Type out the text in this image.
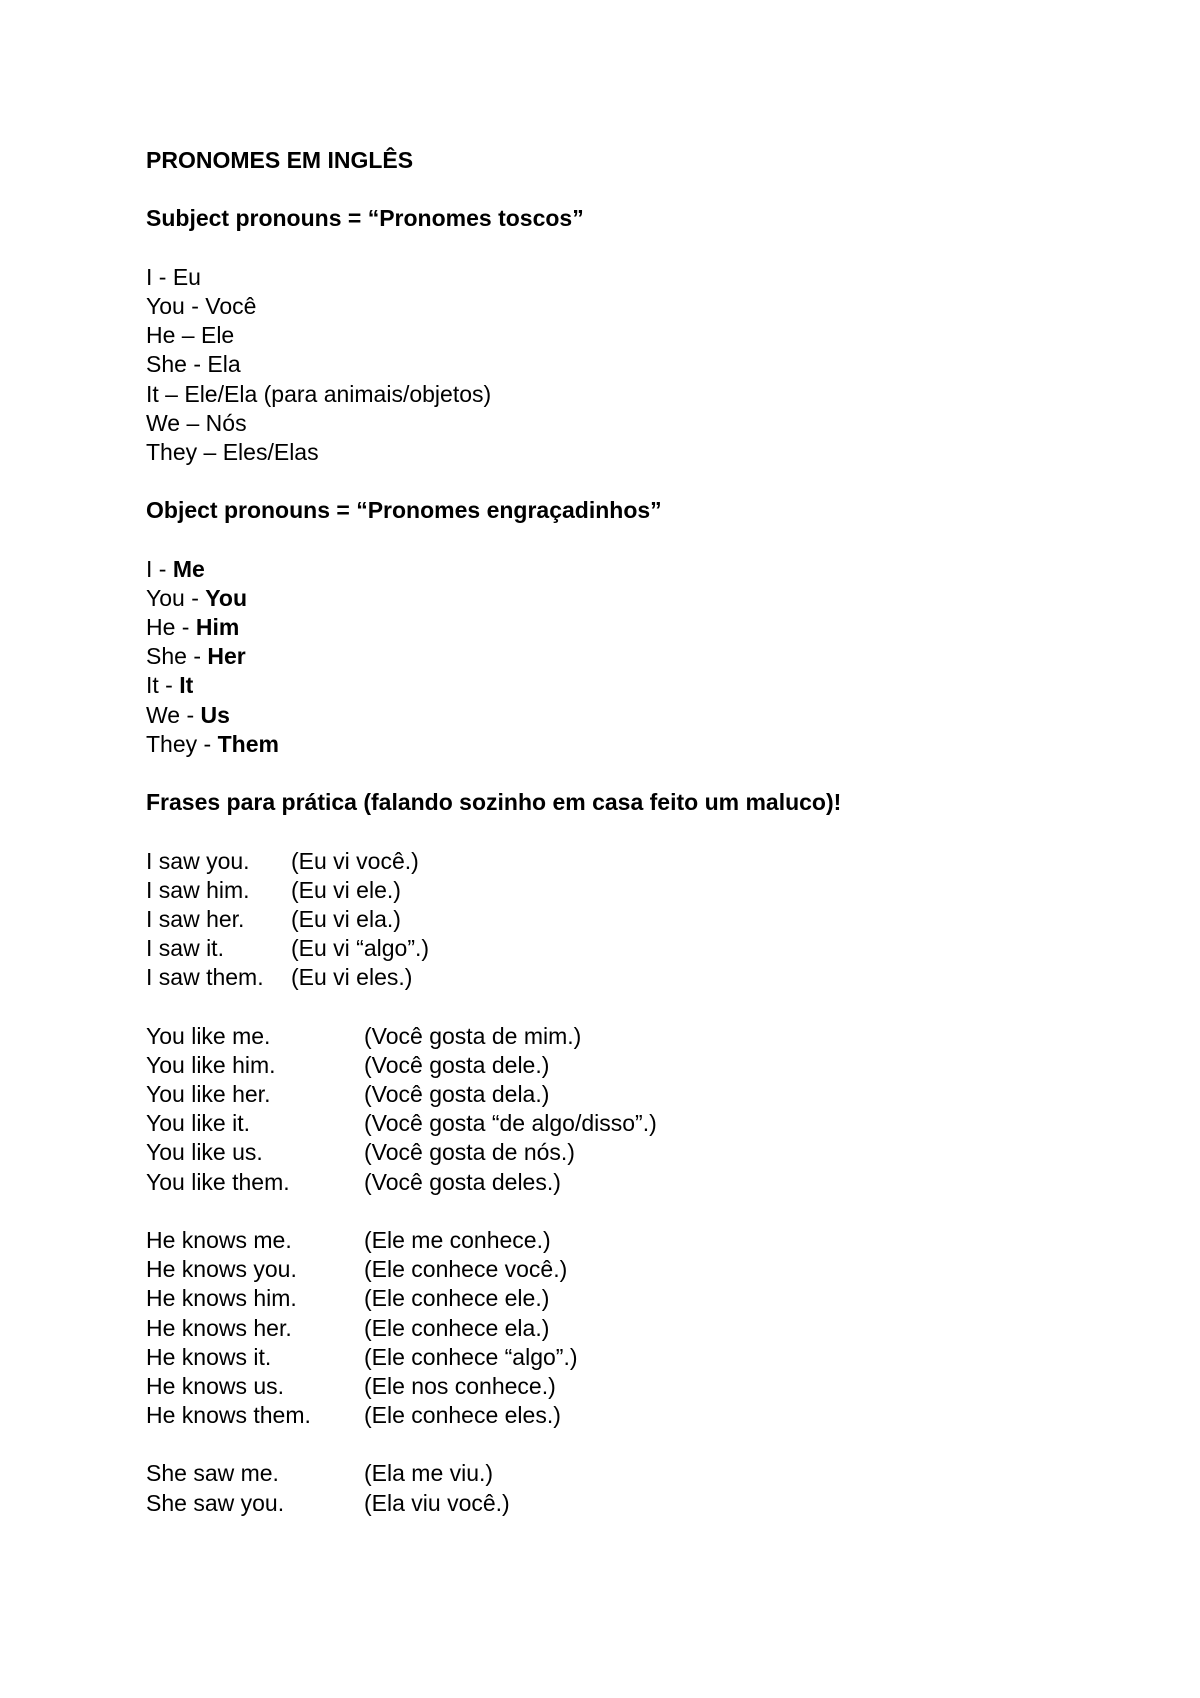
PRONOMES EM INGLÊS
Subject pronouns = “Pronomes toscos”
I - Eu
You - Você
He – Ele
She - Ela
It – Ele/Ela (para animais/objetos)
We – Nós
They – Eles/Elas
Object pronouns = “Pronomes engraçadinhos”
I - Me
You - You
He - Him
She - Her
It - It
We - Us
They - Them
Frases para prática (falando sozinho em casa feito um maluco)!
I saw you.	(Eu vi você.)
I saw him.	(Eu vi ele.)
I saw her.	(Eu vi ela.)
I saw it.	(Eu vi “algo”.)
I saw them.	(Eu vi eles.)
You like me.	(Você gosta de mim.)
You like him.	(Você gosta dele.)
You like her.	(Você gosta dela.)
You like it.	(Você gosta “de algo/disso”.)
You like us.	(Você gosta de nós.)
You like them.	(Você gosta deles.)
He knows me.	(Ele me conhece.)
He knows you.	(Ele conhece você.)
He knows him.	(Ele conhece ele.)
He knows her.	(Ele conhece ela.)
He knows it.	(Ele conhece “algo”.)
He knows us.	(Ele nos conhece.)
He knows them.	(Ele conhece eles.)
She saw me.	(Ela me viu.)
She saw you.	(Ela viu você.)
